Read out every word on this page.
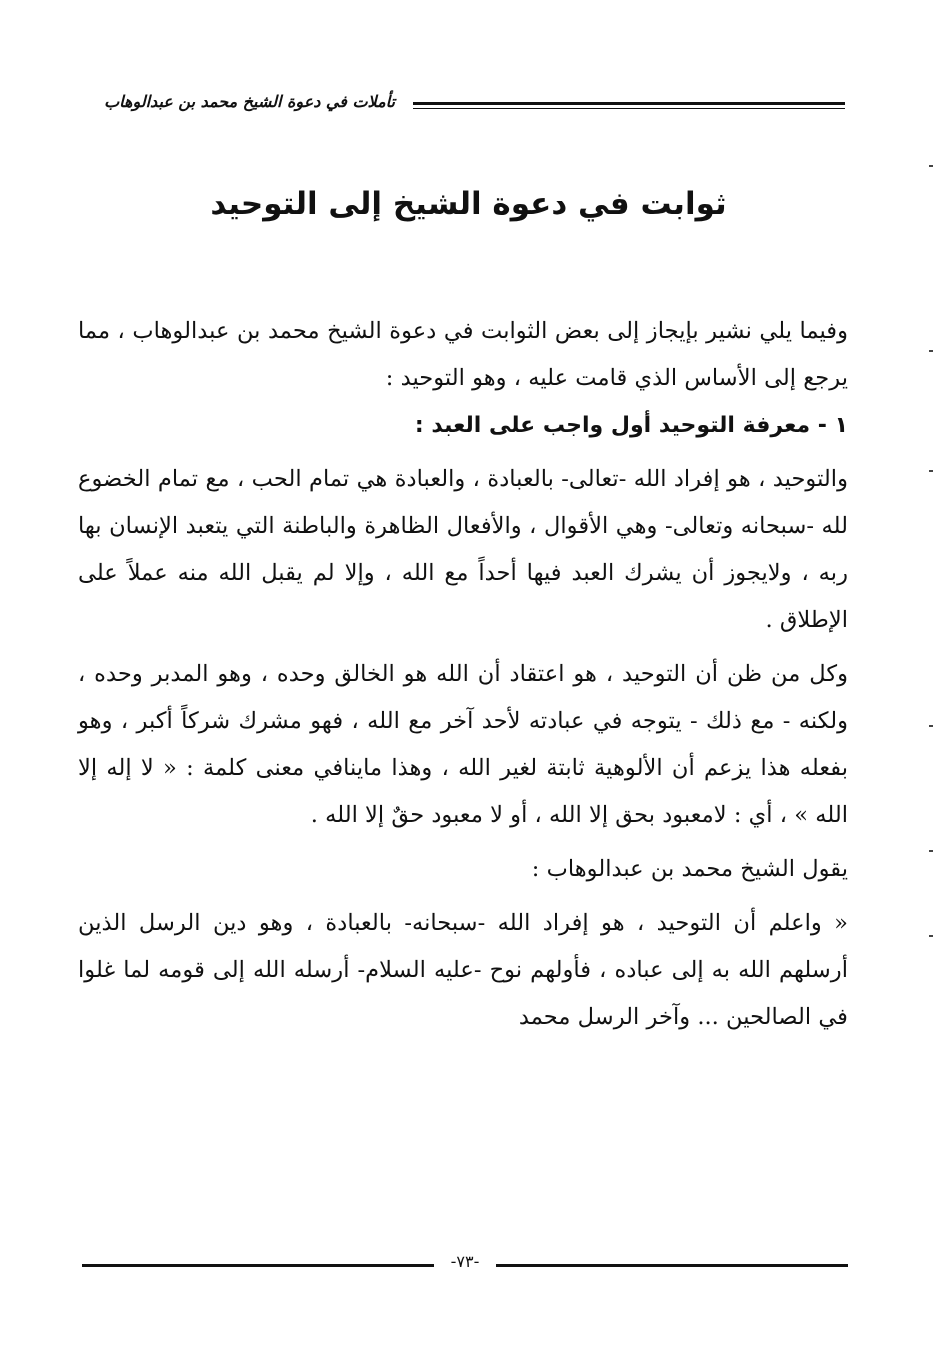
تأملات في دعوة الشيخ محمد بن عبدالوهاب
ثوابت في دعوة الشيخ إلى التوحيد

وفيما يلي نشير بإيجاز إلى بعض الثوابت في دعوة الشيخ محمد بن عبدالوهاب ، مما يرجع إلى الأساس الذي قامت عليه ، وهو التوحيد :

١ - معرفة التوحيد أول واجب على العبد :

والتوحيد ، هو إفراد الله -تعالى- بالعبادة ، والعبادة هي تمام الحب ، مع تمام الخضوع لله -سبحانه وتعالى- وهي الأقوال ، والأفعال الظاهرة والباطنة التي يتعبد الإنسان بها ربه ، ولايجوز أن يشرك العبد فيها أحداً مع الله ، وإلا لم يقبل الله منه عملاً على الإطلاق .

وكل من ظن أن التوحيد ، هو اعتقاد أن الله هو الخالق وحده ، وهو المدبر وحده ، ولكنه - مع ذلك - يتوجه في عبادته لأحد آخر مع الله ، فهو مشرك شركاً أكبر ، وهو بفعله هذا يزعم أن الألوهية ثابتة لغير الله ، وهذا ماينافي معنى كلمة : « لا إله إلا الله » ، أي : لامعبود بحق إلا الله ، أو لا معبود حقٌ إلا الله .

يقول الشيخ محمد بن عبدالوهاب :

« واعلم أن التوحيد ، هو إفراد الله -سبحانه- بالعبادة ، وهو دين الرسل الذين أرسلهم الله به إلى عباده ، فأولهم نوح -عليه السلام- أرسله الله إلى قومه لما غلوا في الصالحين ... وآخر الرسل محمد

-٧٣-
